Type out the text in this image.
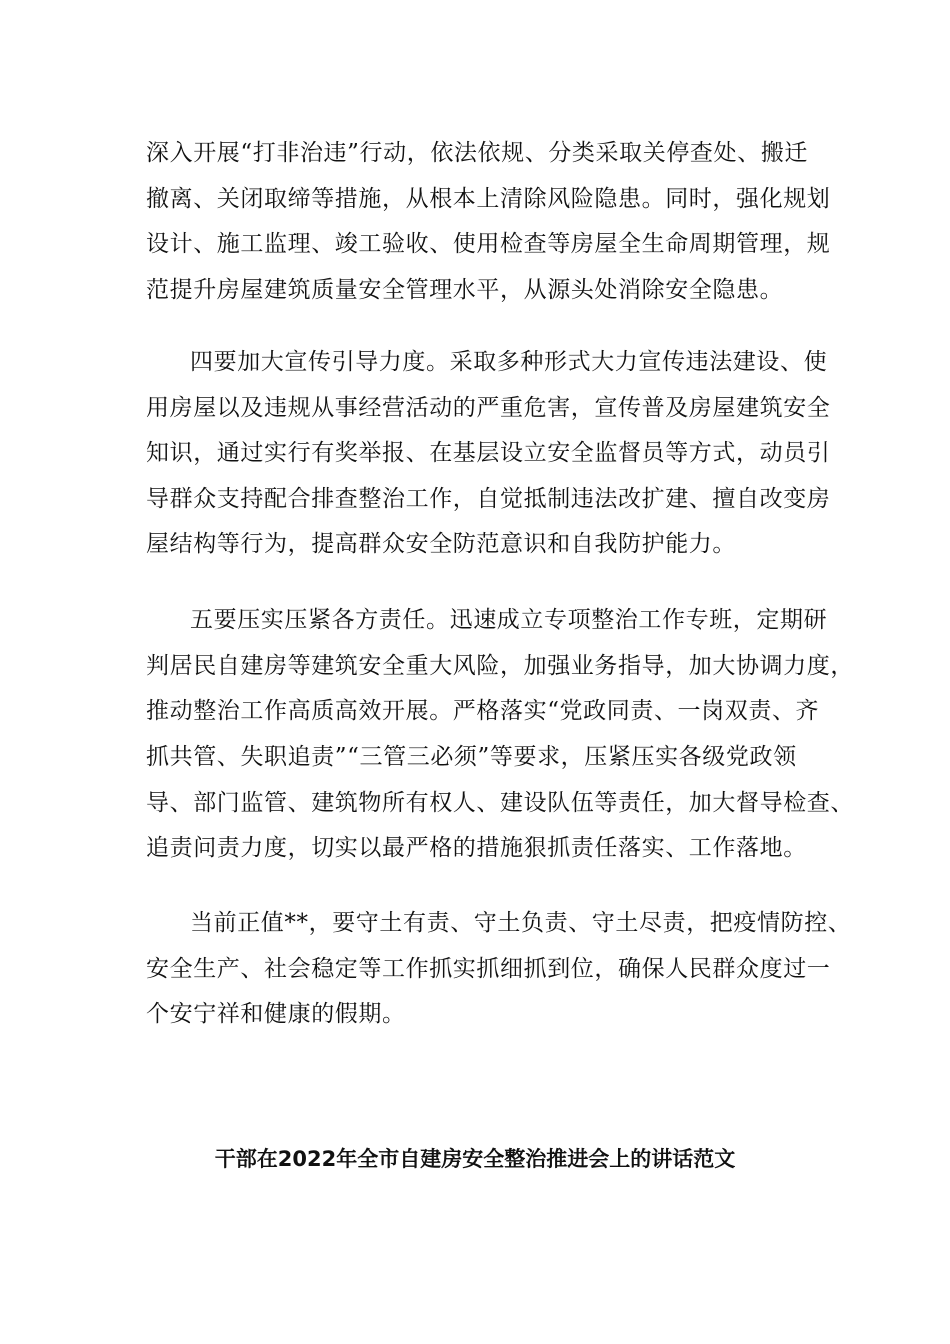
深入开展“打非治违”行动，依法依规、分类采取关停查处、搬迁
撤离、关闭取缔等措施，从根本上清除风险隐患。同时，强化规划
设计、施工监理、竣工验收、使用检查等房屋全生命周期管理，规
范提升房屋建筑质量安全管理水平，从源头处消除安全隐患。
四要加大宣传引导力度。采取多种形式大力宣传违法建设、使
用房屋以及违规从事经营活动的严重危害，宣传普及房屋建筑安全
知识，通过实行有奖举报、在基层设立安全监督员等方式，动员引
导群众支持配合排查整治工作，自觉抵制违法改扩建、擅自改变房
屋结构等行为，提高群众安全防范意识和自我防护能力。
五要压实压紧各方责任。迅速成立专项整治工作专班，定期研
判居民自建房等建筑安全重大风险，加强业务指导，加大协调力度，
推动整治工作高质高效开展。严格落实“党政同责、一岗双责、齐
抓共管、失职追责”“三管三必须”等要求，压紧压实各级党政领
导、部门监管、建筑物所有权人、建设队伍等责任，加大督导检查、
追责问责力度，切实以最严格的措施狠抓责任落实、工作落地。
当前正值**，要守土有责、守土负责、守土尽责，把疫情防控、
安全生产、社会稳定等工作抓实抓细抓到位，确保人民群众度过一
个安宁祥和健康的假期。
干部在2022年全市自建房安全整治推进会上的讲话范文
